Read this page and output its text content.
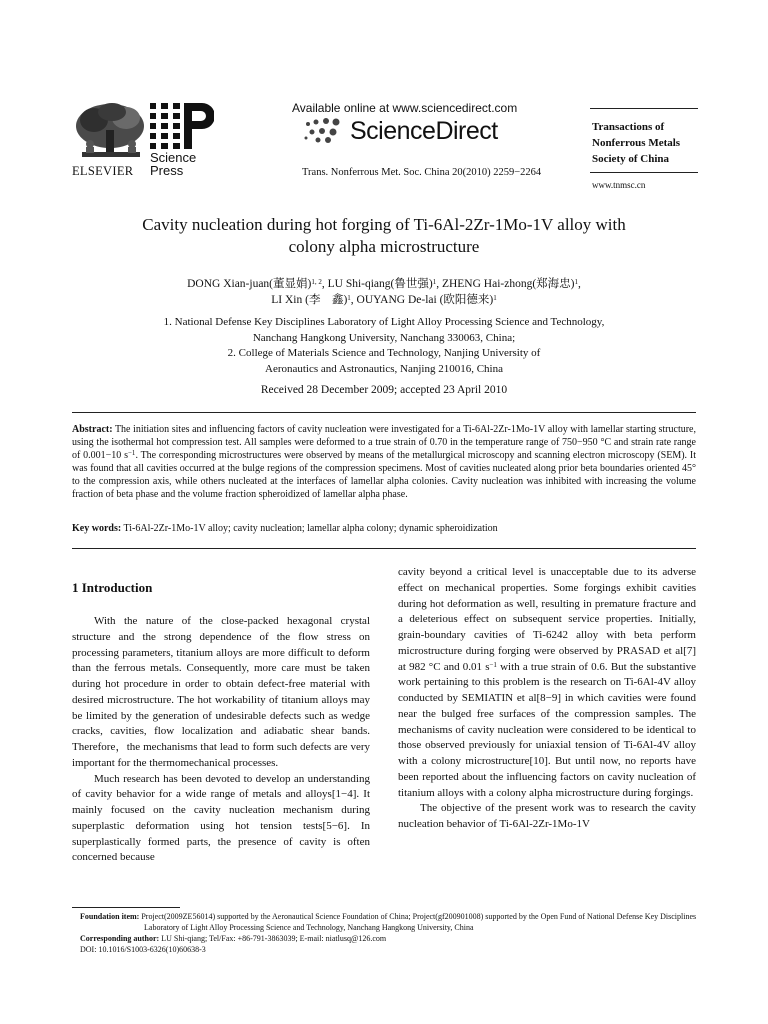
ELSEVIER
Science
Press
Available online at www.sciencedirect.com
ScienceDirect
Trans. Nonferrous Met. Soc. China 20(2010) 2259−2264
Transactions of
Nonferrous Metals
Society of China
www.tnmsc.cn
Cavity nucleation during hot forging of Ti-6Al-2Zr-1Mo-1V alloy with
colony alpha microstructure
DONG Xian-juan(董显娟)$^{1, 2}$, LU Shi-qiang(鲁世强)$^1$, ZHENG Hai-zhong(郑海忠)$^1$,
LI Xin (李　鑫)$^1$, OUYANG De-lai (欧阳德来)$^1$
1. National Defense Key Disciplines Laboratory of Light Alloy Processing Science and Technology,
Nanchang Hangkong University, Nanchang 330063, China;
2. College of Materials Science and Technology, Nanjing University of
Aeronautics and Astronautics, Nanjing 210016, China
Received 28 December 2009; accepted 23 April 2010
Abstract: The initiation sites and influencing factors of cavity nucleation were investigated for a Ti-6Al-2Zr-1Mo-1V alloy with lamellar starting structure, using the isothermal hot compression test. All samples were deformed to a true strain of 0.70 in the temperature range of 750−950 °C and strain rate range of 0.001−10 $s^{-1}$. The corresponding microstructures were observed by means of the metallurgical microscopy and scanning electron microscopy (SEM). It was found that all cavities occurred at the bulge regions of the compression specimens. Most of cavities nucleated along prior beta boundaries oriented 45° to the compression axis, while others nucleated at the interfaces of lamellar alpha colonies. Cavity nucleation was inhibited with increasing the volume fraction of beta phase and the volume fraction spheroidized of lamellar alpha phase.
Key words: Ti-6Al-2Zr-1Mo-1V alloy; cavity nucleation; lamellar alpha colony; dynamic spheroidization
1 Introduction

With the nature of the close-packed hexagonal crystal structure and the strong dependence of the flow stress on processing parameters, titanium alloys are more difficult to deform than the ferrous metals. Consequently, more care must be taken during hot procedure in order to obtain defect-free material with desired microstructure. The hot workability of titanium alloys may be limited by the generation of undesirable defects such as wedge cracks, cavities, flow localization and adiabatic shear bands. Therefore，the mechanisms that lead to form such defects are very important for the thermomechanical processes.

Much research has been devoted to develop an understanding of cavity behavior for a wide range of metals and alloys[1−4]. It mainly focused on the cavity nucleation mechanism during superplastic deformation using hot tension tests[5−6]. In superplastically formed parts, the presence of cavity is often concerned because

cavity beyond a critical level is unacceptable due to its adverse effect on mechanical properties. Some forgings exhibit cavities during hot deformation as well, resulting in premature fracture and a deleterious effect on subsequent service properties. Initially, grain-boundary cavities of Ti-6242 alloy with beta perform microstructure during forging were observed by PRASAD et al[7] at 982 °C and 0.01 $s^{-1}$ with a true strain of 0.6. But the substantive work pertaining to this problem is the research on Ti-6Al-4V alloy conducted by SEMIATIN et al[8−9] in which cavities were found near the bulged free surfaces of the compression samples. The mechanisms of cavity nucleation were considered to be identical to those observed previously for uniaxial tension of Ti-6Al-4V alloy with a colony microstructure[10]. But until now, no reports have been reported about the influencing factors on cavity nucleation of titanium alloys with a colony alpha microstructure during forgings.

The objective of the present work was to research the cavity nucleation behavior of Ti-6Al-2Zr-1Mo-1V

Foundation item: Project(2009ZE56014) supported by the Aeronautical Science Foundation of China; Project(gf200901008) supported by the Open Fund of National Defense Key Disciplines Laboratory of Light Alloy Processing Science and Technology, Nanchang Hangkong University, China
Corresponding author: LU Shi-qiang; Tel/Fax: +86-791-3863039; E-mail: niatlusq@126.com
DOI: 10.1016/S1003-6326(10)60638-3
